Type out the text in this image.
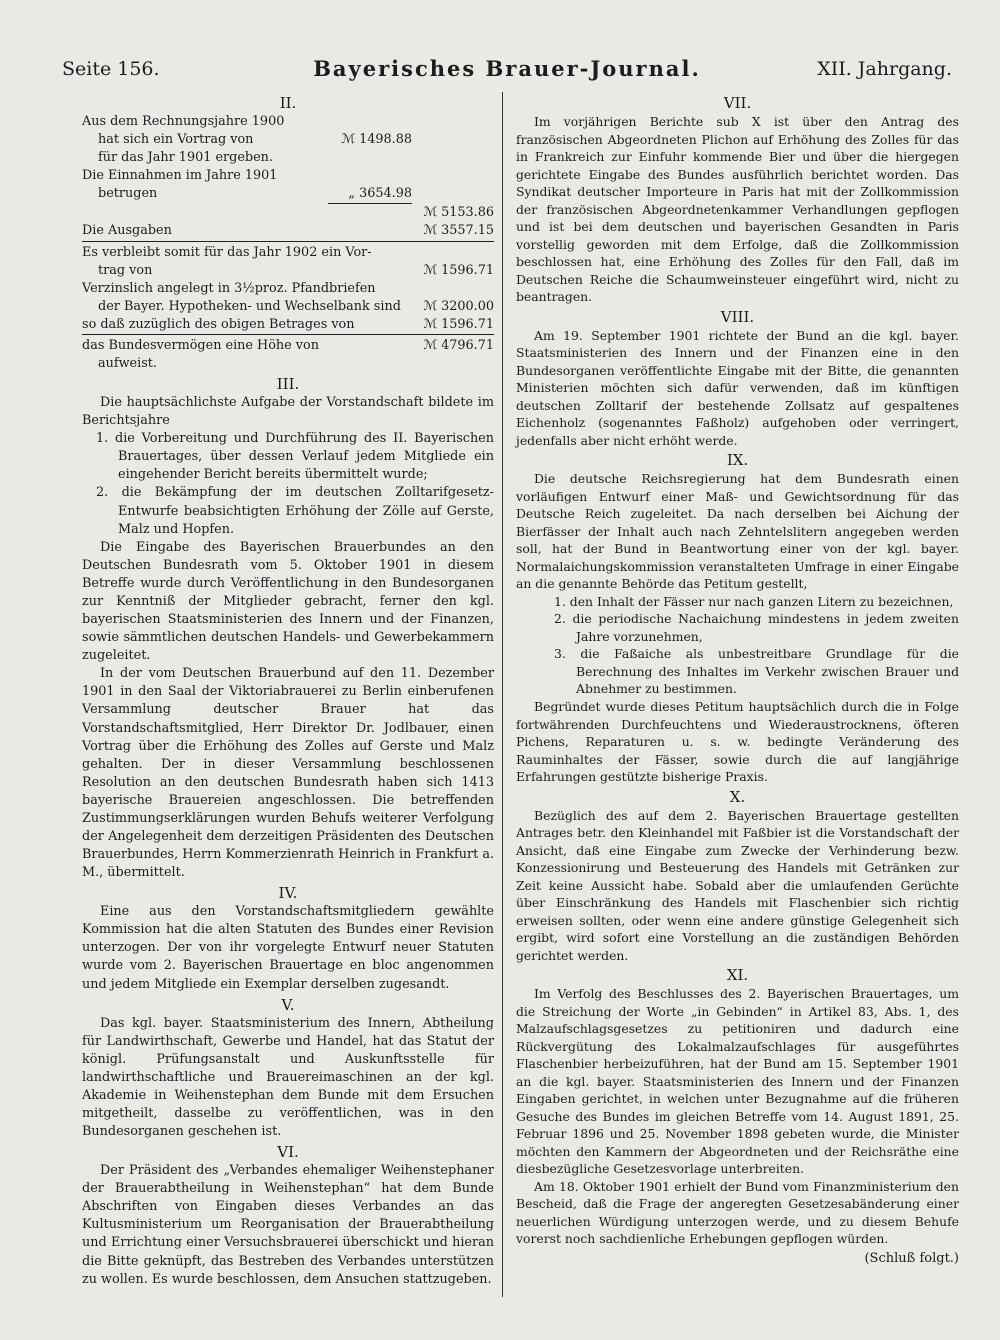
Seite 156.	Bayerisches Brauer-Journal.	XII. Jahrgang.
II.
Aus dem Rechnungsjahre 1900
hat sich ein Vortrag von	ℳ 1498.88
für das Jahr 1901 ergeben.
Die Einnahmen im Jahre 1901
betrugen	„ 3654.98
ℳ 5153.86
Die Ausgaben	ℳ 3557.15
Es verbleibt somit für das Jahr 1902 ein Vor-
trag von	ℳ 1596.71
Verzinslich angelegt in 3½proz. Pfandbriefen
der Bayer. Hypotheken- und Wechselbank sind ℳ 3200.00
so daß zuzüglich des obigen Betrages von	ℳ 1596.71
das Bundesvermögen eine Höhe von	ℳ 4796.71
aufweist.
III.

Die hauptsächlichste Aufgabe der Vorstandschaft bildete im Berichtsjahre

1. die Vorbereitung und Durchführung des II. Bayerischen Brauertages, über dessen Verlauf jedem Mitgliede ein eingehender Bericht bereits übermittelt wurde;

2. die Bekämpfung der im deutschen Zolltarifgesetz-Entwurfe beabsichtigten Erhöhung der Zölle auf Gerste, Malz und Hopfen.

Die Eingabe des Bayerischen Brauerbundes an den Deutschen Bundesrath vom 5. Oktober 1901 in diesem Betreffe wurde durch Veröffentlichung in den Bundesorganen zur Kenntniß der Mitglieder gebracht, ferner den kgl. bayerischen Staatsministerien des Innern und der Finanzen, sowie sämmtlichen deutschen Handels- und Gewerbekammern zugeleitet.

In der vom Deutschen Brauerbund auf den 11. Dezember 1901 in den Saal der Viktoriabrauerei zu Berlin einberufenen Versammlung deutscher Brauer hat das Vorstandschaftsmitglied, Herr Direktor Dr. Jodlbauer, einen Vortrag über die Erhöhung des Zolles auf Gerste und Malz gehalten. Der in dieser Versammlung beschlossenen Resolution an den deutschen Bundesrath haben sich 1413 bayerische Brauereien angeschlossen. Die betreffenden Zustimmungserklärungen wurden Behufs weiterer Verfolgung der Angelegenheit dem derzeitigen Präsidenten des Deutschen Brauerbundes, Herrn Kommerzienrath Heinrich in Frankfurt a. M., übermittelt.

IV.

Eine aus den Vorstandschaftsmitgliedern gewählte Kommission hat die alten Statuten des Bundes einer Revision unterzogen. Der von ihr vorgelegte Entwurf neuer Statuten wurde vom 2. Bayerischen Brauertage en bloc angenommen und jedem Mitgliede ein Exemplar derselben zugesandt.

V.

Das kgl. bayer. Staatsministerium des Innern, Abtheilung für Landwirthschaft, Gewerbe und Handel, hat das Statut der königl. Prüfungsanstalt und Auskunftsstelle für landwirthschaftliche und Brauereimaschinen an der kgl. Akademie in Weihenstephan dem Bunde mit dem Ersuchen mitgetheilt, dasselbe zu veröffentlichen, was in den Bundesorganen geschehen ist.

VI.

Der Präsident des „Verbandes ehemaliger Weihenstephaner der Brauerabtheilung in Weihenstephan“ hat dem Bunde Abschriften von Eingaben dieses Verbandes an das Kultusministerium um Reorganisation der Brauerabtheilung und Errichtung einer Versuchsbrauerei überschickt und hieran die Bitte geknüpft, das Bestreben des Verbandes unterstützen zu wollen. Es wurde beschlossen, dem Ansuchen stattzugeben.

VII.

Im vorjährigen Berichte sub X ist über den Antrag des französischen Abgeordneten Plichon auf Erhöhung des Zolles für das in Frankreich zur Einfuhr kommende Bier und über die hiergegen gerichtete Eingabe des Bundes ausführlich berichtet worden. Das Syndikat deutscher Importeure in Paris hat mit der Zollkommission der französischen Abgeordnetenkammer Verhandlungen gepflogen und ist bei dem deutschen und bayerischen Gesandten in Paris vorstellig geworden mit dem Erfolge, daß die Zollkommission beschlossen hat, eine Erhöhung des Zolles für den Fall, daß im Deutschen Reiche die Schaumweinsteuer eingeführt wird, nicht zu beantragen.

VIII.

Am 19. September 1901 richtete der Bund an die kgl. bayer. Staatsministerien des Innern und der Finanzen eine in den Bundesorganen veröffentlichte Eingabe mit der Bitte, die genannten Ministerien möchten sich dafür verwenden, daß im künftigen deutschen Zolltarif der bestehende Zollsatz auf gespaltenes Eichenholz (sogenanntes Faßholz) aufgehoben oder verringert, jedenfalls aber nicht erhöht werde.

IX.

Die deutsche Reichsregierung hat dem Bundesrath einen vorläufigen Entwurf einer Maß- und Gewichtsordnung für das Deutsche Reich zugeleitet. Da nach derselben bei Aichung der Bierfässer der Inhalt auch nach Zehntelslitern angegeben werden soll, hat der Bund in Beantwortung einer von der kgl. bayer. Normalaichungskommission veranstalteten Umfrage in einer Eingabe an die genannte Behörde das Petitum gestellt,

1. den Inhalt der Fässer nur nach ganzen Litern zu bezeichnen,

2. die periodische Nachaichung mindestens in jedem zweiten Jahre vorzunehmen,

3. die Faßaiche als unbestreitbare Grundlage für die Berechnung des Inhaltes im Verkehr zwischen Brauer und Abnehmer zu bestimmen.

Begründet wurde dieses Petitum hauptsächlich durch die in Folge fortwährenden Durchfeuchtens und Wiederaustrocknens, öfteren Pichens, Reparaturen u. s. w. bedingte Veränderung des Rauminhaltes der Fässer, sowie durch die auf langjährige Erfahrungen gestützte bisherige Praxis.

X.

Bezüglich des auf dem 2. Bayerischen Brauertage gestellten Antrages betr. den Kleinhandel mit Faßbier ist die Vorstandschaft der Ansicht, daß eine Eingabe zum Zwecke der Verhinderung bezw. Konzessionirung und Besteuerung des Handels mit Getränken zur Zeit keine Aussicht habe. Sobald aber die umlaufenden Gerüchte über Einschränkung des Handels mit Flaschenbier sich richtig erweisen sollten, oder wenn eine andere günstige Gelegenheit sich ergibt, wird sofort eine Vorstellung an die zuständigen Behörden gerichtet werden.

XI.

Im Verfolg des Beschlusses des 2. Bayerischen Brauertages, um die Streichung der Worte „in Gebinden“ in Artikel 83, Abs. 1, des Malzaufschlagsgesetzes zu petitioniren und dadurch eine Rückvergütung des Lokalmalzaufschlages für ausgeführtes Flaschenbier herbeizuführen, hat der Bund am 15. September 1901 an die kgl. bayer. Staatsministerien des Innern und der Finanzen Eingaben gerichtet, in welchen unter Bezugnahme auf die früheren Gesuche des Bundes im gleichen Betreffe vom 14. August 1891, 25. Februar 1896 und 25. November 1898 gebeten wurde, die Minister möchten den Kammern der Abgeordneten und der Reichsräthe eine diesbezügliche Gesetzesvorlage unterbreiten.

Am 18. Oktober 1901 erhielt der Bund vom Finanzministerium den Bescheid, daß die Frage der angeregten Gesetzesabänderung einer neuerlichen Würdigung unterzogen werde, und zu diesem Behufe vorerst noch sachdienliche Erhebungen gepflogen würden.

(Schluß folgt.)
